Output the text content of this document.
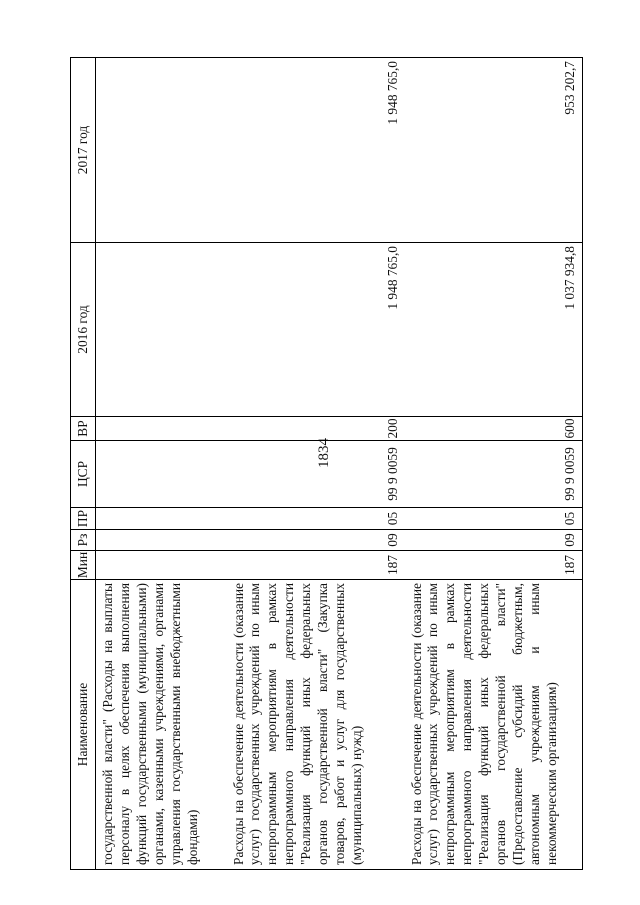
1834
Наименование	Мин	Рз	ПР	ЦСР	ВР	2016 год	2017 год
государственной власти" (Расходы на выплаты персоналу в целях обеспечения выполнения функций государственными (муниципальными) органами, казенными учреждениями, органами управления государственными внебюджетными фондами)							
Расходы на обеспечение деятельности (оказание услуг) государственных учреждений по иным непрограммным мероприятиям в рамках непрограммного направления деятельности "Реализация функций иных федеральных органов государственной власти" (Закупка товаров, работ и услуг для государственных (муниципальных) нужд)	187	09	05	99 9 0059	200	1 948 765,0	1 948 765,0
Расходы на обеспечение деятельности (оказание услуг) государственных учреждений по иным непрограммным мероприятиям в рамках непрограммного направления деятельности "Реализация функций иных федеральных органов государственной власти" (Предоставление субсидий бюджетным, автономным учреждениям и иным некоммерческим организациям)	187	09	05	99 9 0059	600	1 037 934,8	953 202,7
